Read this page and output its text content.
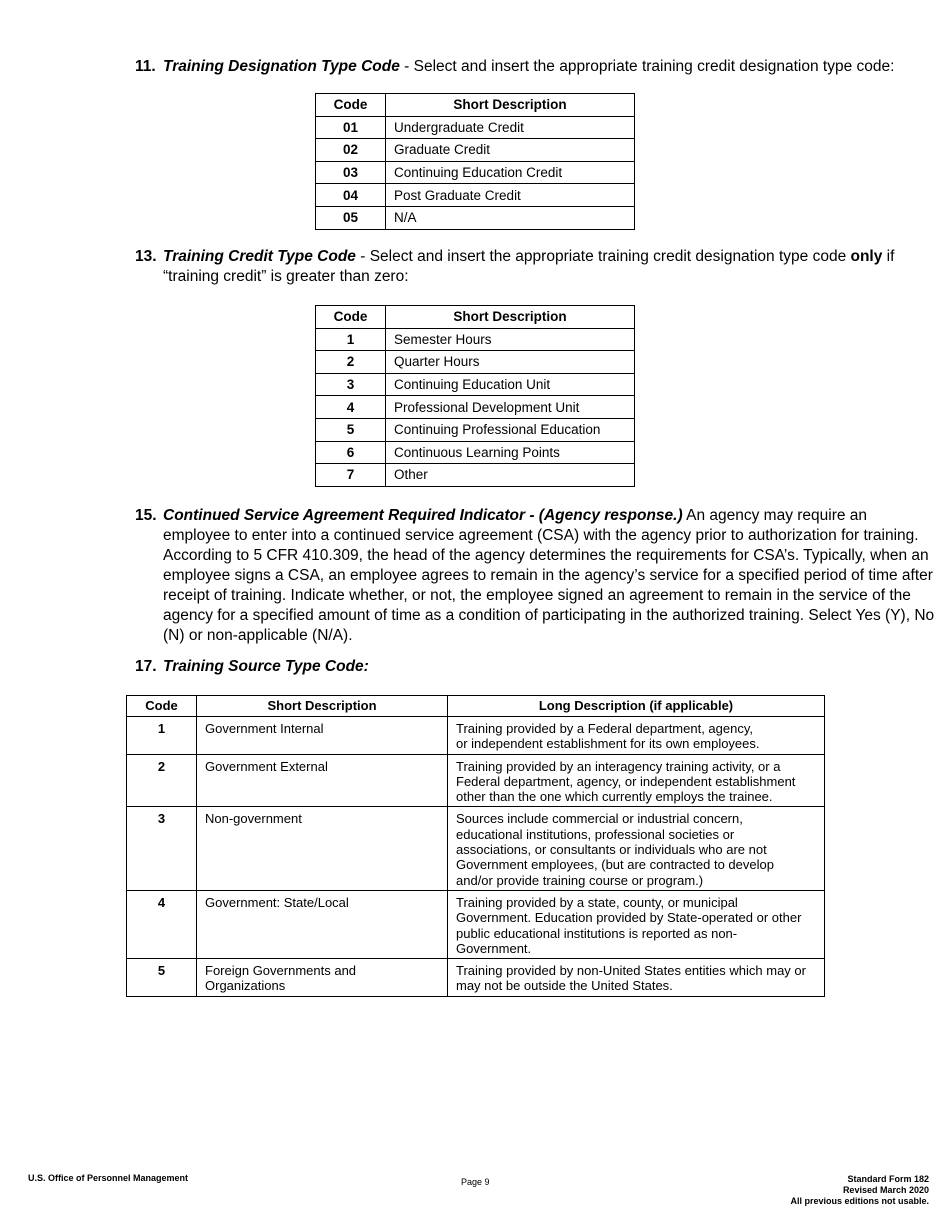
11. Training Designation Type Code - Select and insert the appropriate training credit designation type code:
Code	Short Description
01	Undergraduate Credit
02	Graduate Credit
03	Continuing Education Credit
04	Post Graduate Credit
05	N/A
13. Training Credit Type Code - Select and insert the appropriate training credit designation type code only if
“training credit” is greater than zero:
Code	Short Description
1	Semester Hours
2	Quarter Hours
3	Continuing Education Unit
4	Professional Development Unit
5	Continuing Professional Education
6	Continuous Learning Points
7	Other
15. Continued Service Agreement Required Indicator - (Agency response.) An agency may require an employee to enter into a continued service agreement (CSA) with the agency prior to authorization for training. According to 5 CFR 410.309, the head of the agency determines the requirements for CSA’s. Typically, when an employee signs a CSA, an employee agrees to remain in the agency’s service for a specified period of time after receipt of training. Indicate whether, or not, the employee signed an agreement to remain in the service of the agency for a specified amount of time as a condition of participating in the authorized training. Select Yes (Y), No (N) or non-applicable (N/A).
17. Training Source Type Code:
Code	Short Description	Long Description (if applicable)
1	Government Internal	Training provided by a Federal department, agency,
or independent establishment for its own employees.

2	Government External	Training provided by an interagency training activity, or a
Federal department, agency, or independent establishment
other than the one which currently employs the trainee.

3	Non-government	Sources include commercial or industrial concern,
educational institutions, professional societies or
associations, or consultants or individuals who are not
Government employees, (but are contracted to develop
and/or provide training course or program.)

4	Government: State/Local	Training provided by a state, county, or municipal
Government. Education provided by State-operated or other
public educational institutions is reported as non-
Government.

5	Foreign Governments and
Organizations	Training provided by non-United States entities which may or
may not be outside the United States.
U.S. Office of Personnel Management	Page 9	Standard Form 182
Revised March 2020
All previous editions not usable.
